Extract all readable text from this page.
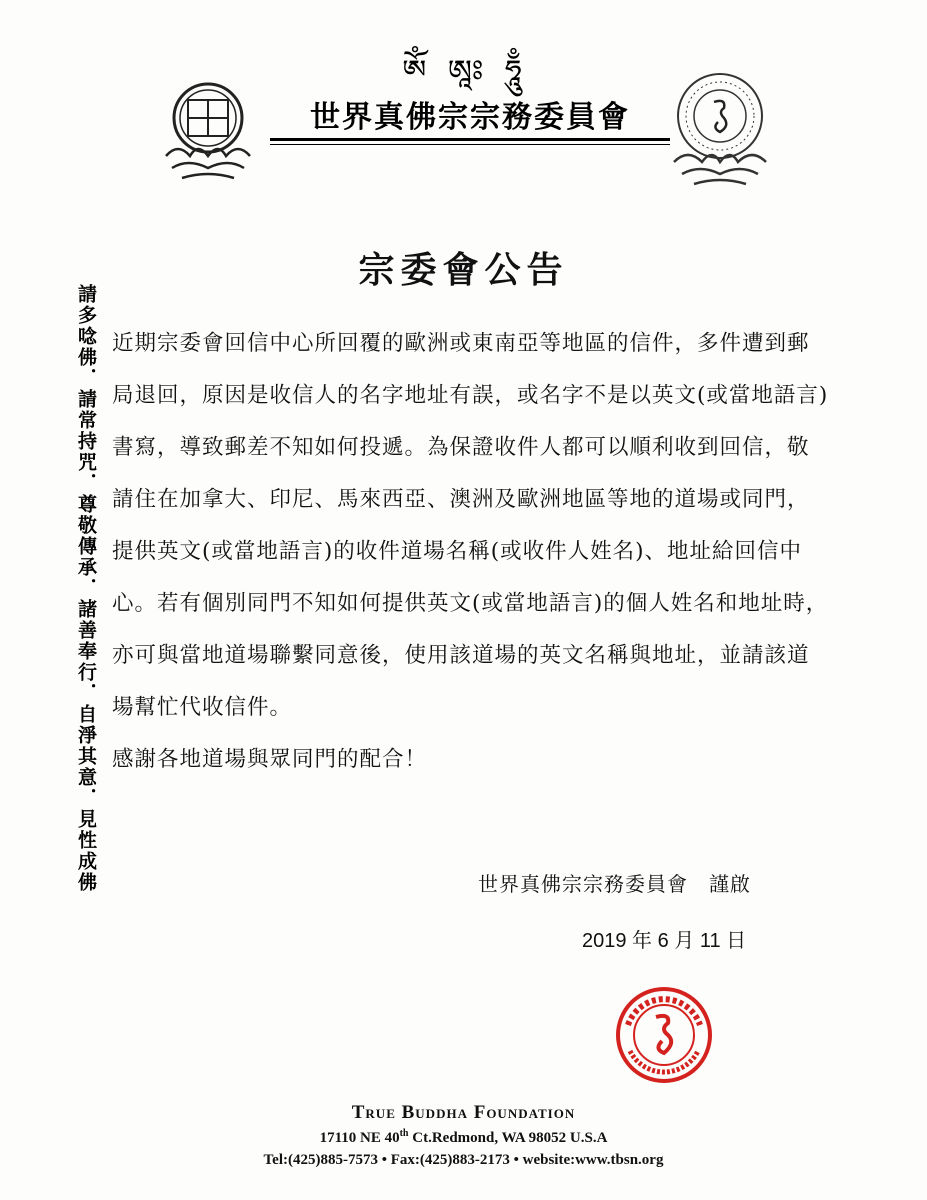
ༀ ཨཱཿ ཧཱུྃ
世界真佛宗宗務委員會
請多唸佛．請常持咒．尊敬傳承．諸善奉行．自淨其意．見性成佛
宗委會公告

近期宗委會回信中心所回覆的歐洲或東南亞等地區的信件，多件遭到郵局退回，原因是收信人的名字地址有誤，或名字不是以英文(或當地語言)書寫，導致郵差不知如何投遞。為保證收件人都可以順利收到回信，敬請住在加拿大、印尼、馬來西亞、澳洲及歐洲地區等地的道場或同門，提供英文(或當地語言)的收件道場名稱(或收件人姓名)、地址給回信中心。若有個別同門不知如何提供英文(或當地語言)的個人姓名和地址時，亦可與當地道場聯繫同意後，使用該道場的英文名稱與地址，並請該道場幫忙代收信件。

感謝各地道場與眾同門的配合！

世界真佛宗宗務委員會　謹啟
2019 年 6 月 11 日
True Buddha Foundation
17110 NE 40th Ct.Redmond, WA 98052 U.S.A
Tel:(425)885-7573 • Fax:(425)883-2173 • website:www.tbsn.org
